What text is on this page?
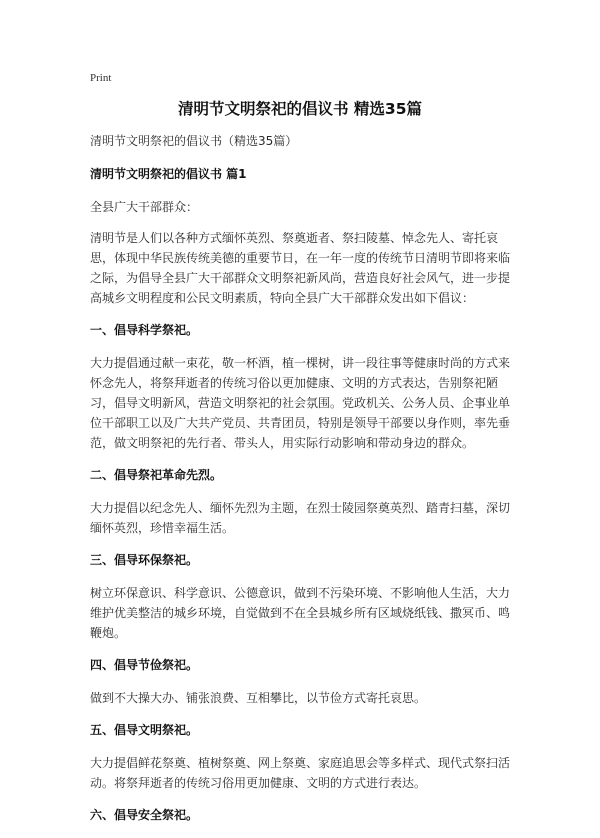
Print
清明节文明祭祀的倡议书 精选35篇

清明节文明祭祀的倡议书（精选35篇）

清明节文明祭祀的倡议书 篇1

全县广大干部群众：

清明节是人们以各种方式缅怀英烈、祭奠逝者、祭扫陵墓、悼念先人、寄托哀思，体现中华民族传统美德的重要节日，在一年一度的传统节日清明节即将来临之际，为倡导全县广大干部群众文明祭祀新风尚，营造良好社会风气，进一步提高城乡文明程度和公民文明素质，特向全县广大干部群众发出如下倡议：

一、倡导科学祭祀。

大力提倡通过献一束花，敬一杯酒，植一棵树，讲一段往事等健康时尚的方式来怀念先人，将祭拜逝者的传统习俗以更加健康、文明的方式表达，告别祭祀陋习，倡导文明新风，营造文明祭祀的社会氛围。党政机关、公务人员、企事业单位干部职工以及广大共产党员、共青团员，特别是领导干部要以身作则，率先垂范，做文明祭祀的先行者、带头人，用实际行动影响和带动身边的群众。

二、倡导祭祀革命先烈。

大力提倡以纪念先人、缅怀先烈为主题，在烈士陵园祭奠英烈、踏青扫墓，深切缅怀英烈，珍惜幸福生活。

三、倡导环保祭祀。

树立环保意识、科学意识、公德意识，做到不污染环境、不影响他人生活，大力维护优美整洁的城乡环境，自觉做到不在全县城乡所有区域烧纸钱、撒冥币、鸣鞭炮。

四、倡导节俭祭祀。

做到不大操大办、铺张浪费、互相攀比，以节俭方式寄托哀思。

五、倡导文明祭祀。

大力提倡鲜花祭奠、植树祭奠、网上祭奠、家庭追思会等多样式、现代式祭扫活动。将祭拜逝者的传统习俗用更加健康、文明的方式进行表达。

六、倡导安全祭祀。
